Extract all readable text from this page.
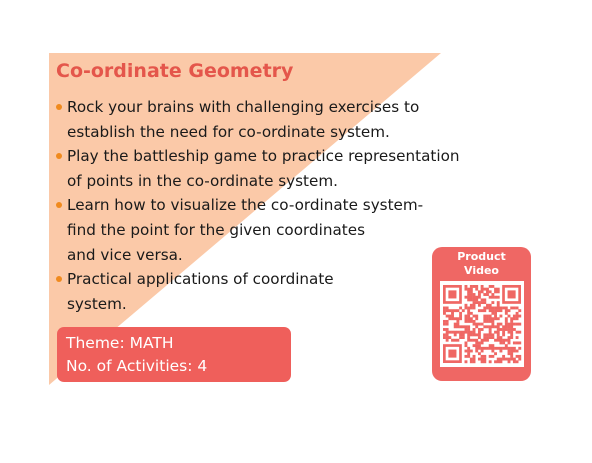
Co-ordinate Geometry
Rock your brains with challenging exercises to
establish the need for co-ordinate system.
Play the battleship game to practice representation
of points in the co-ordinate system.
Learn how to visualize the co-ordinate system-
find the point for the given coordinates
and vice versa.
Practical applications of coordinate
system.
Theme: MATH
No. of Activities: 4
Product
Video
